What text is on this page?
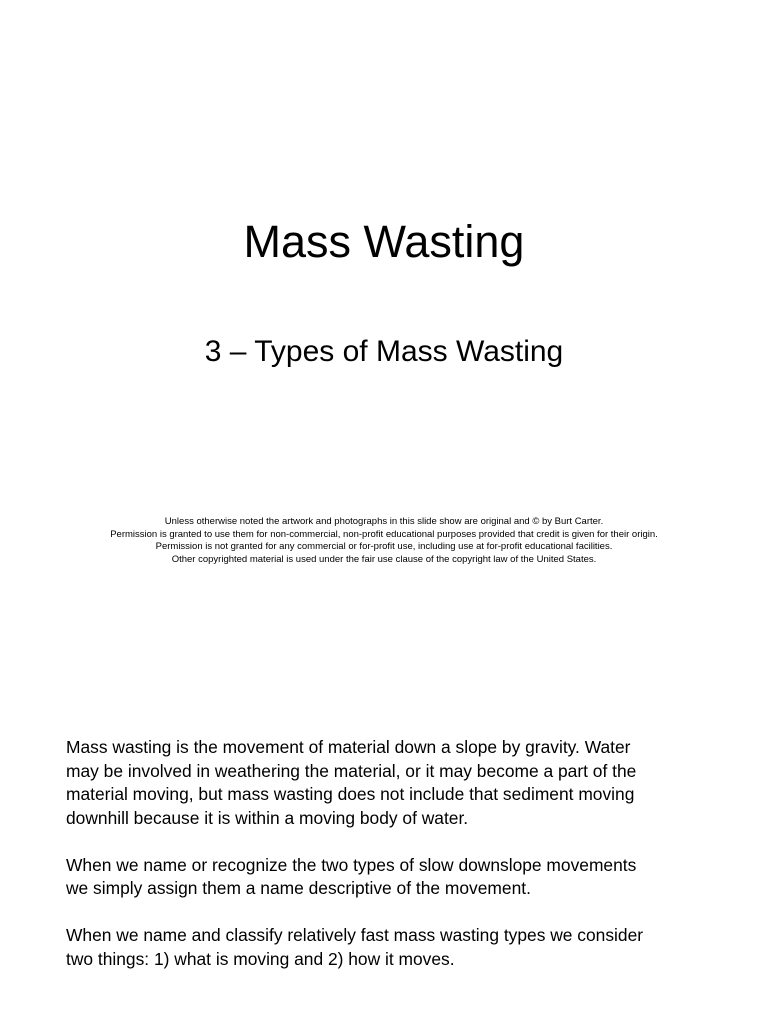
Mass Wasting
3 – Types of Mass Wasting
Unless otherwise noted the artwork and photographs in this slide show are original and © by Burt Carter.
Permission is granted to use them for non-commercial, non-profit educational purposes provided that credit is given for their origin.
Permission is not granted for any commercial or for-profit use, including use at for-profit educational facilities.
Other copyrighted material is used under the fair use clause of the copyright law of the United States.

Mass wasting is the movement of material down a slope by gravity. Water
may be involved in weathering the material, or it may become a part of the
material moving, but mass wasting does not include that sediment moving
downhill because it is within a moving body of water.

When we name or recognize the two types of slow downslope movements
we simply assign them a name descriptive of the movement.

When we name and classify relatively fast mass wasting types we consider
two things: 1) what is moving and 2) how it moves.
